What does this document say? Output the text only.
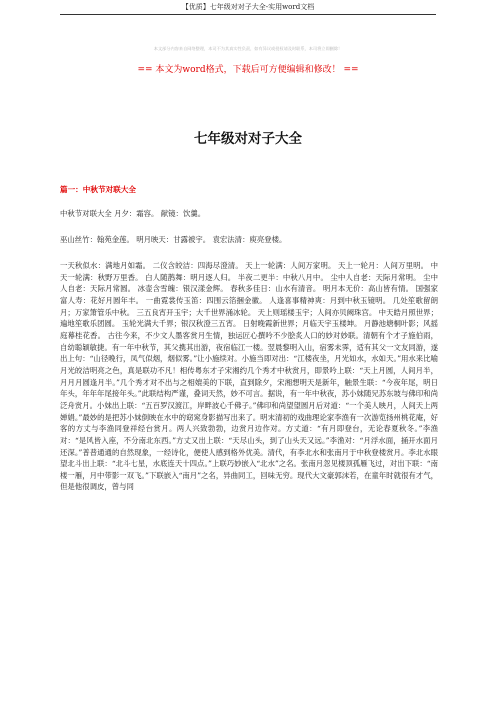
【优质】七年级对对子大全-实用word文档
本文部分内容来自网络整理，本司不为其真实性负责，如有异议或侵权请及时联系，本司将立即删除！
== 本文为word格式，下载后可方便编辑和修改！ ==
七年级对对子大全
篇一：中秋节对联大全
中秋节对联大全 月夕：霜容。 献镜：饮羹。
巫山丝竹：翰苑金莲。 明月映天：甘露被宇。 袁宏法清：庾亮登楼。
一天秋似水：满地月如霜。 二仪含皎洁：四海尽澄清。 天上一轮满：人间万家明。 天上一轮月：人间万里明。 中天一轮满：秋野万里香。 白人随鹊舞：明月逐人归。 半夜二更半：中秋八月中。 尘中人自老：天际月常明。 尘中人自老：天际月常圆。 冰壶含雪魄：银汉漾金辉。 春秋多佳日：山水有清音。 明月本无价：高山皆有情。 国强家富人寿：花好月圆年丰。 一曲霓裳传玉笛：四围云箔捆金徽。 人逢喜事精神爽：月到中秋玉镜明。 几处笙歌留朗月；万家箫管乐中秋。 三五良宵开玉宇；大千世界涌冰轮。 天上则瑶楼玉宇；人间亦贝阙珠宫。 中天皓月照世界；遍地笙歌乐团圆。 玉轮光满大千界；银汉秋澄三五宵。 日射晚霞新世界；月临天宇玉楼坤。 月静池塘桐叶影；风摇庭幕桂花香。 古往今来，不少文人墨客赏月生情，独运匠心撰吟不少脍炙人口的妙对妙联。清朝有个才子施伯雨，自幼聪颖敏捷。有一年中秋节，其父携其出游，夜宿临江一楼。翌晨黎明入山，宿雾未霁，适有其父一文友同游，遂出上句：“山径晚行，凤气似烟，烟似雾。”让小施续对。小施当即对出：“江楼夜坐，月光如水，水如天。”用水来比喻月光皎洁明亮之色，真是联功不凡！相传粤东才子宋湘约几个秀才中秋赏月，即景吟上联：“天上月圆，人间月半，月月月圆逢月半。”几个秀才对不出与之相媲美的下联，直到除夕，宋湘想明天是新年，触景生联：“今夜年尾，明日年头，年年年尾接年头。”此联结构严谨，叠词天然，妙不可言。据说，有一年中秋夜，苏小妹随兄苏东坡与佛印和尚泛舟赏月。小妹出上联：“五百罗汉渡江，岸畔波心千佛子。”佛印和尚望望圆月后对道：“一个美人映月，人间天上两婵娟。”最妙的是把苏小妹倒映在水中的窈窕身影描写出来了。明末清初的戏曲理论家李渔有一次游览扬州桃花庵，好客的方丈与李渔同登祥经台赏月。两人兴致勃勃，边赏月边作对。方丈道：“有月即登台，无论春夏秋冬。”李渔对：“是风皆入座，不分南北东西。”方丈又出上联：“天尽山头，到了山头天又远。”李渔对：“月浮水面，捅开水面月还深。”普普通通的自然现象，一经诗化，便使人感到格外优美。清代，有李北水和张南月于中秋登楼赏月。李北水眼望北斗出上联：“北斗七星，水底连天十四点。”上联巧妙嵌入“北水”之名。张南月忽见楼顶孤雁飞过，对出下联：“南楼一雁，月中带影一双飞。”下联嵌入“南月”之名，异曲同工，回味无穷。现代大文豪郭沫若，在童年时就很有才气，但是他很调皮，曾与同
